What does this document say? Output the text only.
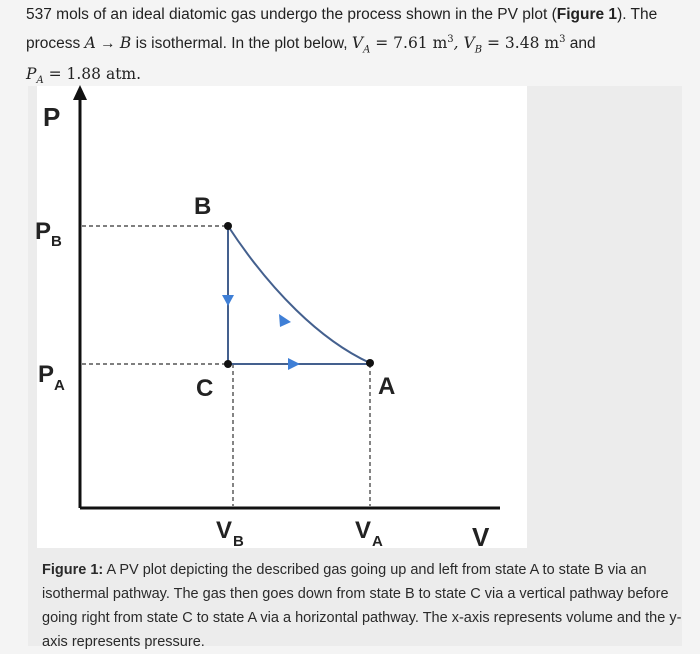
537 mols of an ideal diatomic gas undergo the process shown in the PV plot (Figure 1). The
process A → B is isothermal. In the plot below, $V_A = 7.61$ $m^3$, $V_B = 3.48$ $m^3$ and
$P_A = 1.88$ atm.
P
V
P B
P A
V B	V A
B
A
C
Figure 1: A PV plot depicting the described gas going up and left from state A to state B via an isothermal pathway. The gas then goes down from state B to state C via a vertical pathway before going right from state C to state A via a horizontal pathway. The x-axis represents volume and the y-axis represents pressure.
